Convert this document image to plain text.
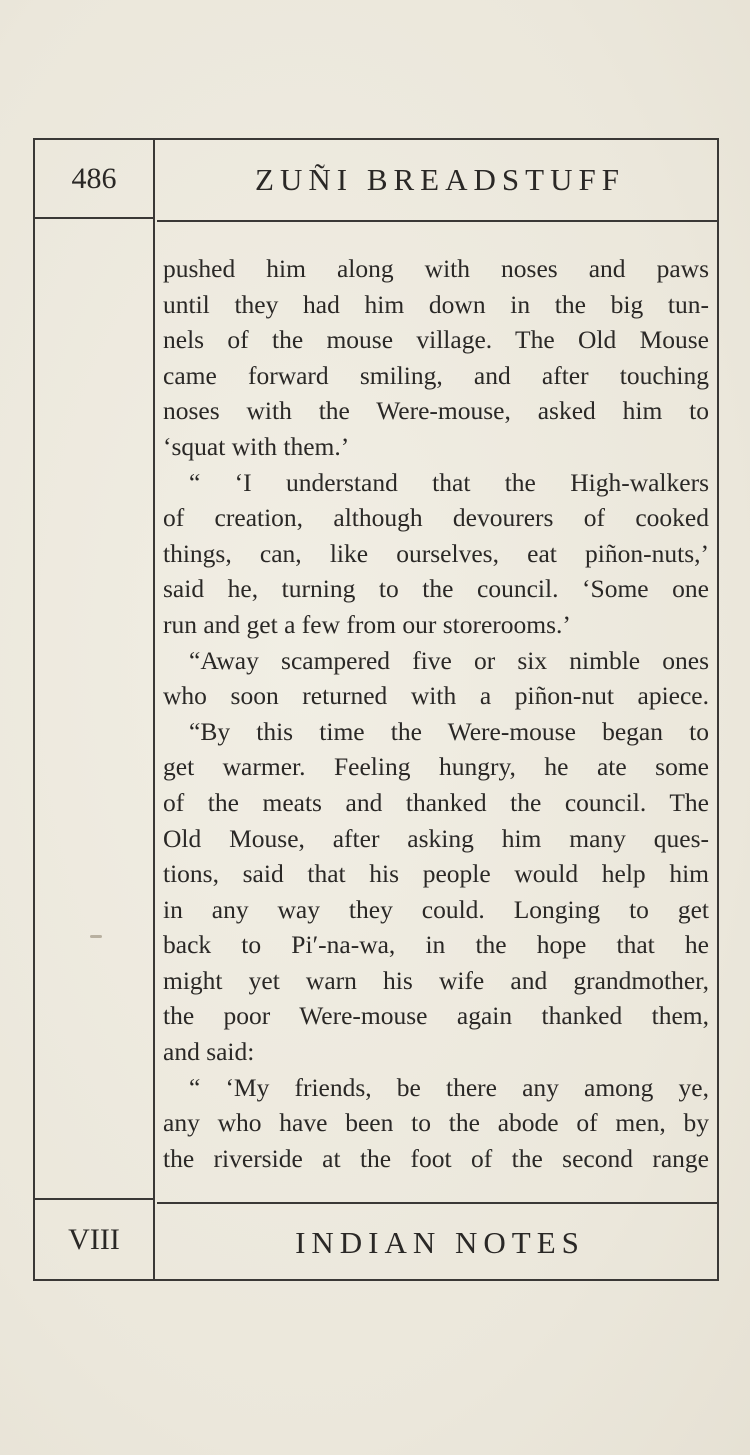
486	ZUÑI BREADSTUFF
pushed him along with noses and paws
until they had him down in the big tun-
nels of the mouse village. The Old Mouse
came forward smiling, and after touching
noses with the Were-mouse, asked him to
‘squat with them.’
“ ‘I understand that the High-walkers
of creation, although devourers of cooked
things, can, like ourselves, eat piñon-nuts,’
said he, turning to the council. ‘Some one
run and get a few from our storerooms.’
“Away scampered five or six nimble ones
who soon returned with a piñon-nut apiece.
“By this time the Were-mouse began to
get warmer. Feeling hungry, he ate some
of the meats and thanked the council. The
Old Mouse, after asking him many ques-
tions, said that his people would help him
in any way they could. Longing to get
back to Pi′-na-wa, in the hope that he
might yet warn his wife and grandmother,
the poor Were-mouse again thanked them,
and said:
“ ‘My friends, be there any among ye,
any who have been to the abode of men, by
the riverside at the foot of the second range
VIII	INDIAN NOTES
